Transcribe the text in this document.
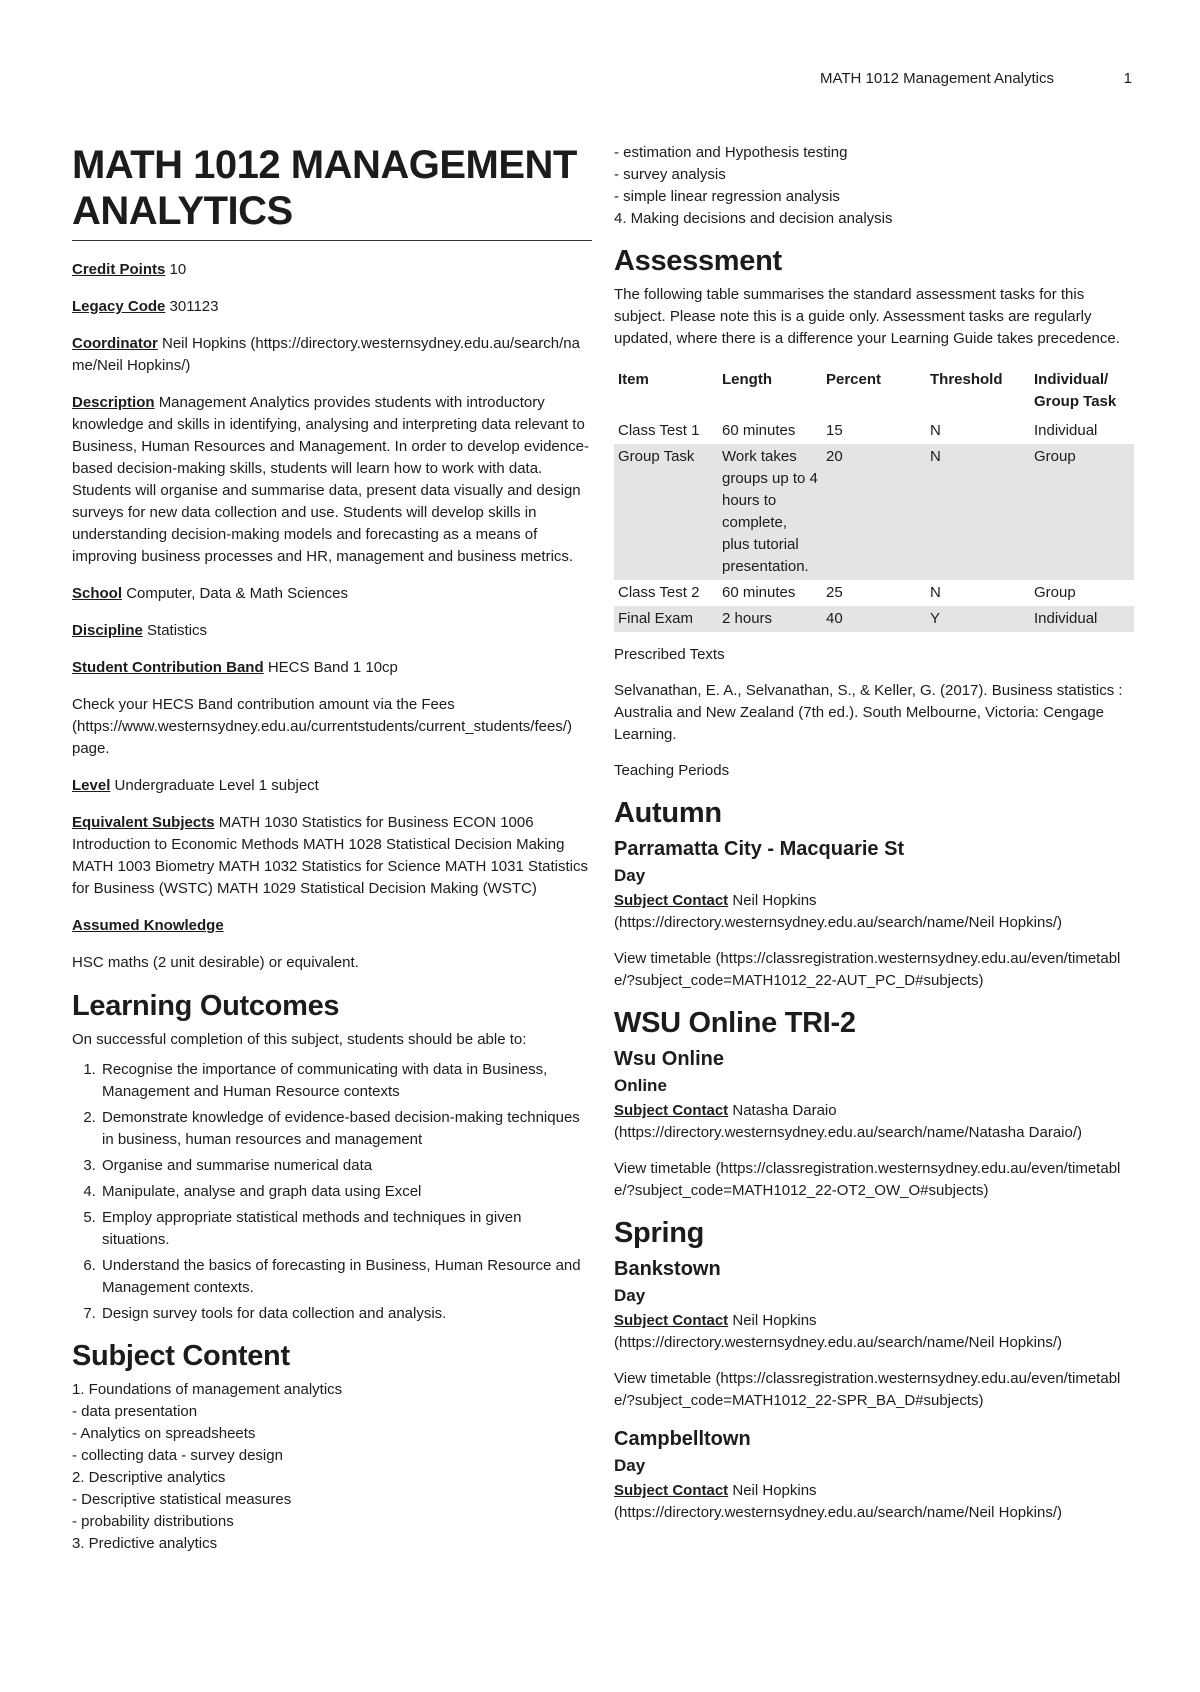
MATH 1012 Management Analytics	1
MATH 1012 MANAGEMENT ANALYTICS

Credit Points 10

Legacy Code 301123

Coordinator Neil Hopkins (https://directory.westernsydney.edu.au/search/name/Neil Hopkins/)

Description Management Analytics provides students with introductory knowledge and skills in identifying, analysing and interpreting data relevant to Business, Human Resources and Management. In order to develop evidence-based decision-making skills, students will learn how to work with data. Students will organise and summarise data, present data visually and design surveys for new data collection and use. Students will develop skills in understanding decision-making models and forecasting as a means of improving business processes and HR, management and business metrics.

School Computer, Data & Math Sciences

Discipline Statistics

Student Contribution Band HECS Band 1 10cp

Check your HECS Band contribution amount via the Fees (https://www.westernsydney.edu.au/currentstudents/current_students/fees/) page.

Level Undergraduate Level 1 subject

Equivalent Subjects MATH 1030 Statistics for Business ECON 1006 Introduction to Economic Methods MATH 1028 Statistical Decision Making MATH 1003 Biometry MATH 1032 Statistics for Science MATH 1031 Statistics for Business (WSTC) MATH 1029 Statistical Decision Making (WSTC)

Assumed Knowledge

HSC maths (2 unit desirable) or equivalent.

Learning Outcomes
On successful completion of this subject, students should be able to:
1. Recognise the importance of communicating with data in Business, Management and Human Resource contexts
2. Demonstrate knowledge of evidence-based decision-making techniques in business, human resources and management
3. Organise and summarise numerical data
4. Manipulate, analyse and graph data using Excel
5. Employ appropriate statistical methods and techniques in given situations.
6. Understand the basics of forecasting in Business, Human Resource and Management contexts.
7. Design survey tools for data collection and analysis.
Subject Content
1. Foundations of management analytics
- data presentation
- Analytics on spreadsheets
- collecting data - survey design
2. Descriptive analytics
- Descriptive statistical measures
- probability distributions
3. Predictive analytics
- estimation and Hypothesis testing
- survey analysis
- simple linear regression analysis
4. Making decisions and decision analysis
Assessment
The following table summarises the standard assessment tasks for this subject. Please note this is a guide only. Assessment tasks are regularly updated, where there is a difference your Learning Guide takes precedence.
Item	Length	Percent	Threshold	Individual/ Group Task
Class Test 1	60 minutes	15	N	Individual
Group Task	Work takes groups up to 4 hours to complete, plus tutorial presentation.	20	N	Group
Class Test 2	60 minutes	25	N	Group
Final Exam	2 hours	40	Y	Individual

Prescribed Texts

Selvanathan, E. A., Selvanathan, S., & Keller, G. (2017). Business statistics : Australia and New Zealand (7th ed.). South Melbourne, Victoria: Cengage Learning.

Teaching Periods

Autumn
Parramatta City - Macquarie St
Day

Subject Contact Neil Hopkins (https://directory.westernsydney.edu.au/search/name/Neil Hopkins/)

View timetable (https://classregistration.westernsydney.edu.au/even/timetable/?subject_code=MATH1012_22-AUT_PC_D#subjects)

WSU Online TRI-2
Wsu Online
Online

Subject Contact Natasha Daraio (https://directory.westernsydney.edu.au/search/name/Natasha Daraio/)

View timetable (https://classregistration.westernsydney.edu.au/even/timetable/?subject_code=MATH1012_22-OT2_OW_O#subjects)

Spring
Bankstown
Day

Subject Contact Neil Hopkins (https://directory.westernsydney.edu.au/search/name/Neil Hopkins/)

View timetable (https://classregistration.westernsydney.edu.au/even/timetable/?subject_code=MATH1012_22-SPR_BA_D#subjects)

Campbelltown
Day

Subject Contact Neil Hopkins (https://directory.westernsydney.edu.au/search/name/Neil Hopkins/)
